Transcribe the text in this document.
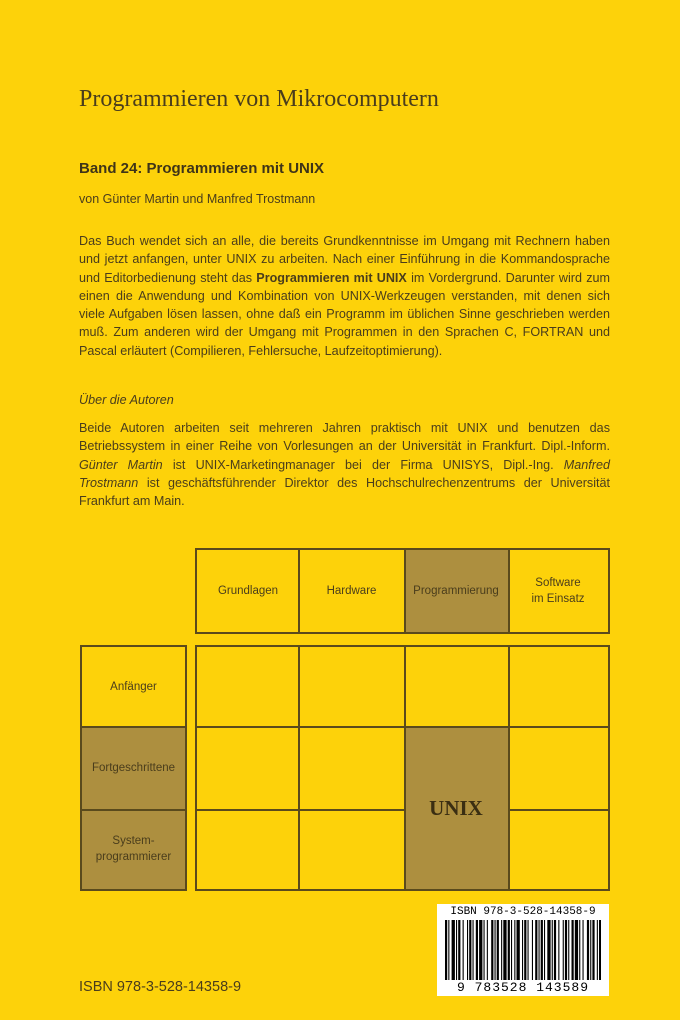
Programmieren von Mikrocomputern
Band 24: Programmieren mit UNIX
von Günter Martin und Manfred Trostmann
Das Buch wendet sich an alle, die bereits Grundkenntnisse im Umgang mit Rechnern haben und jetzt anfangen, unter UNIX zu arbeiten. Nach einer Einführung in die Kommandosprache und Editorbedienung steht das Programmieren mit UNIX im Vordergrund. Darunter wird zum einen die Anwendung und Kombination von UNIX-Werkzeugen verstanden, mit denen sich viele Aufgaben lösen lassen, ohne daß ein Programm im üblichen Sinne geschrieben werden muß. Zum anderen wird der Umgang mit Programmen in den Sprachen C, FORTRAN und Pascal erläutert (Compilieren, Fehlersuche, Laufzeitoptimierung).
Über die Autoren
Beide Autoren arbeiten seit mehreren Jahren praktisch mit UNIX und benutzen das Betriebssystem in einer Reihe von Vorlesungen an der Universität in Frankfurt. Dipl.-Inform. Günter Martin ist UNIX-Marketingmanager bei der Firma UNISYS, Dipl.-Ing. Manfred Trostmann ist geschäftsführender Direktor des Hochschulrechenzentrums der Universität Frankfurt am Main.
Grundlagen	Hardware	Programmierung
Software
im Einsatz
Anfänger
Fortgeschrittene
System-
programmierer
UNIX
ISBN 978-3-528-14358-9
ISBN 978-3-528-14358-9
9 783528 143589
